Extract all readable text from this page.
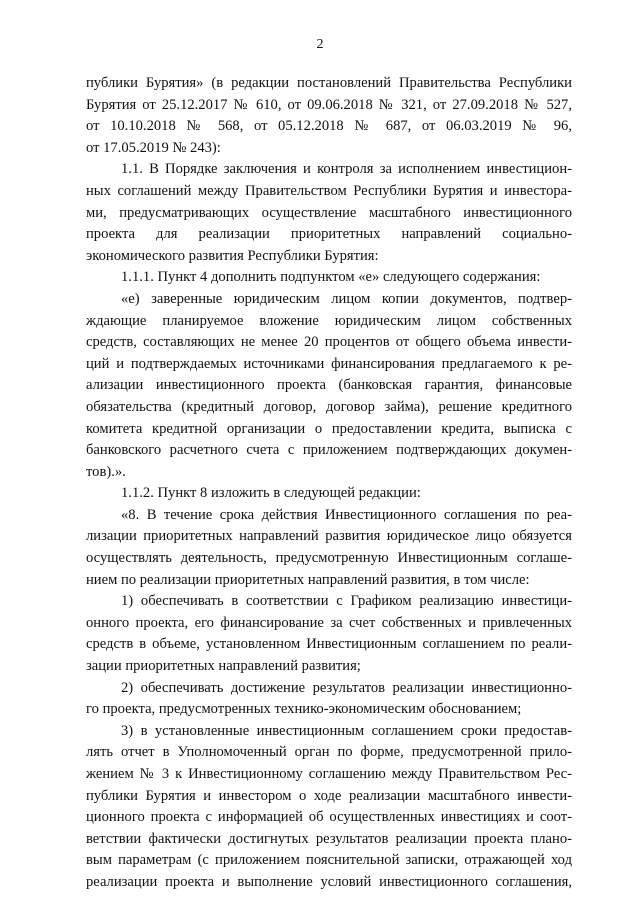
2
публики Бурятия» (в редакции постановлений Правительства Республики
Бурятия от 25.12.2017 № 610, от 09.06.2018 № 321, от 27.09.2018 № 527,
от 10.10.2018 № 568, от 05.12.2018 № 687, от 06.03.2019 № 96,
от 17.05.2019 № 243):
1.1. В Порядке заключения и контроля за исполнением инвестицион-
ных соглашений между Правительством Республики Бурятия и инвестора-
ми, предусматривающих осуществление масштабного инвестиционного
проекта для реализации приоритетных направлений социально-
экономического развития Республики Бурятия:
1.1.1. Пункт 4 дополнить подпунктом «е» следующего содержания:
«е) заверенные юридическим лицом копии документов, подтвер-
ждающие планируемое вложение юридическим лицом собственных
средств, составляющих не менее 20 процентов от общего объема инвести-
ций и подтверждаемых источниками финансирования предлагаемого к ре-
ализации инвестиционного проекта (банковская гарантия, финансовые
обязательства (кредитный договор, договор займа), решение кредитного
комитета кредитной организации о предоставлении кредита, выписка с
банковского расчетного счета с приложением подтверждающих докумен-
тов).».
1.1.2. Пункт 8 изложить в следующей редакции:
«8. В течение срока действия Инвестиционного соглашения по реа-
лизации приоритетных направлений развития юридическое лицо обязуется
осуществлять деятельность, предусмотренную Инвестиционным соглаше-
нием по реализации приоритетных направлений развития, в том числе:
1) обеспечивать в соответствии с Графиком реализацию инвестици-
онного проекта, его финансирование за счет собственных и привлеченных
средств в объеме, установленном Инвестиционным соглашением по реали-
зации приоритетных направлений развития;
2) обеспечивать достижение результатов реализации инвестиционно-
го проекта, предусмотренных технико-экономическим обоснованием;
3) в установленные инвестиционным соглашением сроки предостав-
лять отчет в Уполномоченный орган по форме, предусмотренной прило-
жением № 3 к Инвестиционному соглашению между Правительством Рес-
публики Бурятия и инвестором о ходе реализации масштабного инвести-
ционного проекта с информацией об осуществленных инвестициях и соот-
ветствии фактически достигнутых результатов реализации проекта плано-
вым параметрам (с приложением пояснительной записки, отражающей ход
реализации проекта и выполнение условий инвестиционного соглашения,
